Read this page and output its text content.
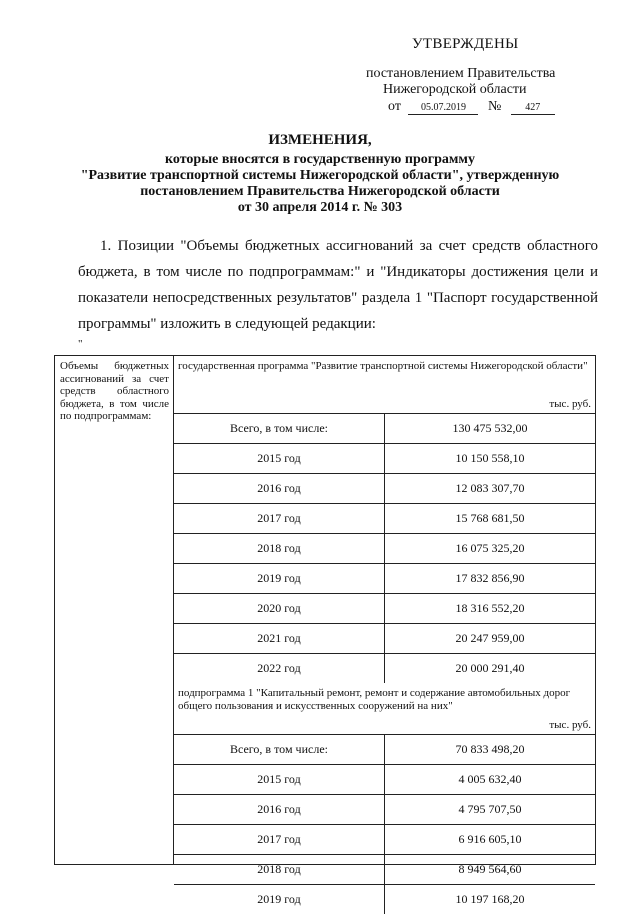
УТВЕРЖДЕНЫ
постановлением Правительства
Нижегородской области
от 05.07.2019 № 427
ИЗМЕНЕНИЯ,
которые вносятся в государственную программу
"Развитие транспортной системы Нижегородской области", утвержденную
постановлением Правительства Нижегородской области
от 30 апреля 2014 г. № 303

1. Позиции "Объемы бюджетных ассигнований за счет средств областного бюджета, в том числе по подпрограммам:" и "Индикаторы достижения цели и показатели непосредственных результатов" раздела 1 "Паспорт государственной программы" изложить в следующей редакции:

"
Объемы бюджетных ассигнований за счет средств областного бюджета, в том числе по подпрограммам:
государственная программа "Развитие транспортной системы Нижегородской области"
тыс. руб.
Всего, в том числе:	130 475 532,00
2015 год	10 150 558,10
2016 год	12 083 307,70
2017 год	15 768 681,50
2018 год	16 075 325,20
2019 год	17 832 856,90
2020 год	18 316 552,20
2021 год	20 247 959,00
2022 год	20 000 291,40
подпрограмма 1 "Капитальный ремонт, ремонт и содержание автомобильных дорог общего пользования и искусственных сооружений на них"
тыс. руб.
Всего, в том числе:	70 833 498,20
2015 год	4 005 632,40
2016 год	4 795 707,50
2017 год	6 916 605,10
2018 год	8 949 564,60
2019 год	10 197 168,20
